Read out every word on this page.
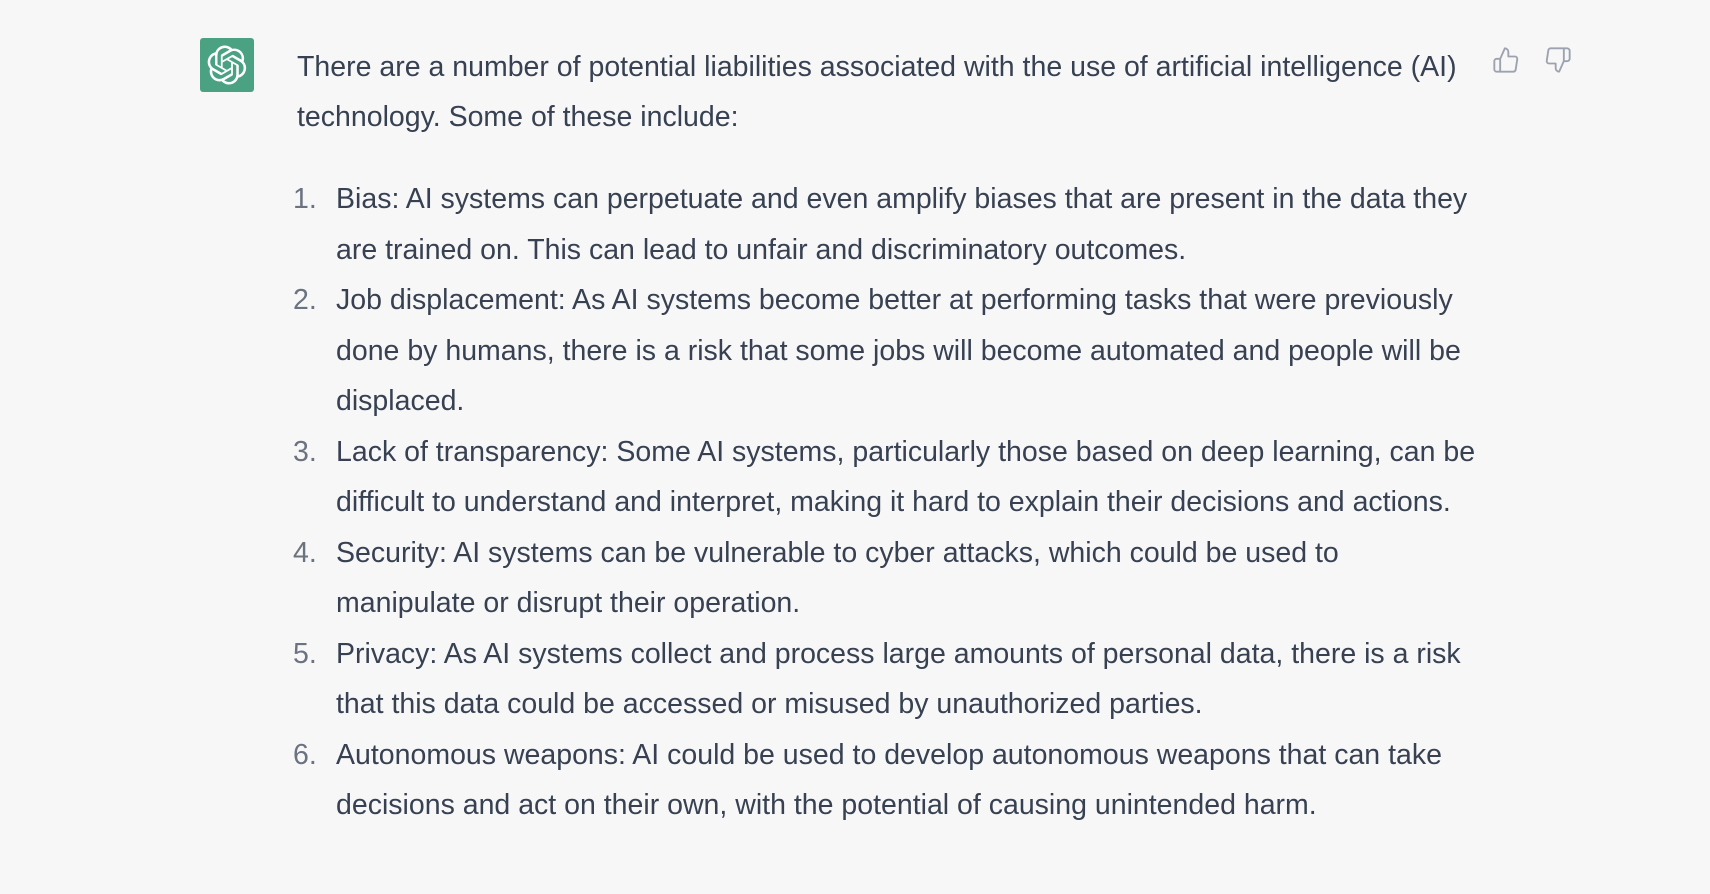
There are a number of potential liabilities associated with the use of artificial intelligence (AI) technology. Some of these include:

1. Bias: AI systems can perpetuate and even amplify biases that are present in the data they are trained on. This can lead to unfair and discriminatory outcomes.
2. Job displacement: As AI systems become better at performing tasks that were previously done by humans, there is a risk that some jobs will become automated and people will be displaced.
3. Lack of transparency: Some AI systems, particularly those based on deep learning, can be difficult to understand and interpret, making it hard to explain their decisions and actions.
4. Security: AI systems can be vulnerable to cyber attacks, which could be used to manipulate or disrupt their operation.
5. Privacy: As AI systems collect and process large amounts of personal data, there is a risk that this data could be accessed or misused by unauthorized parties.
6. Autonomous weapons: AI could be used to develop autonomous weapons that can take decisions and act on their own, with the potential of causing unintended harm.
